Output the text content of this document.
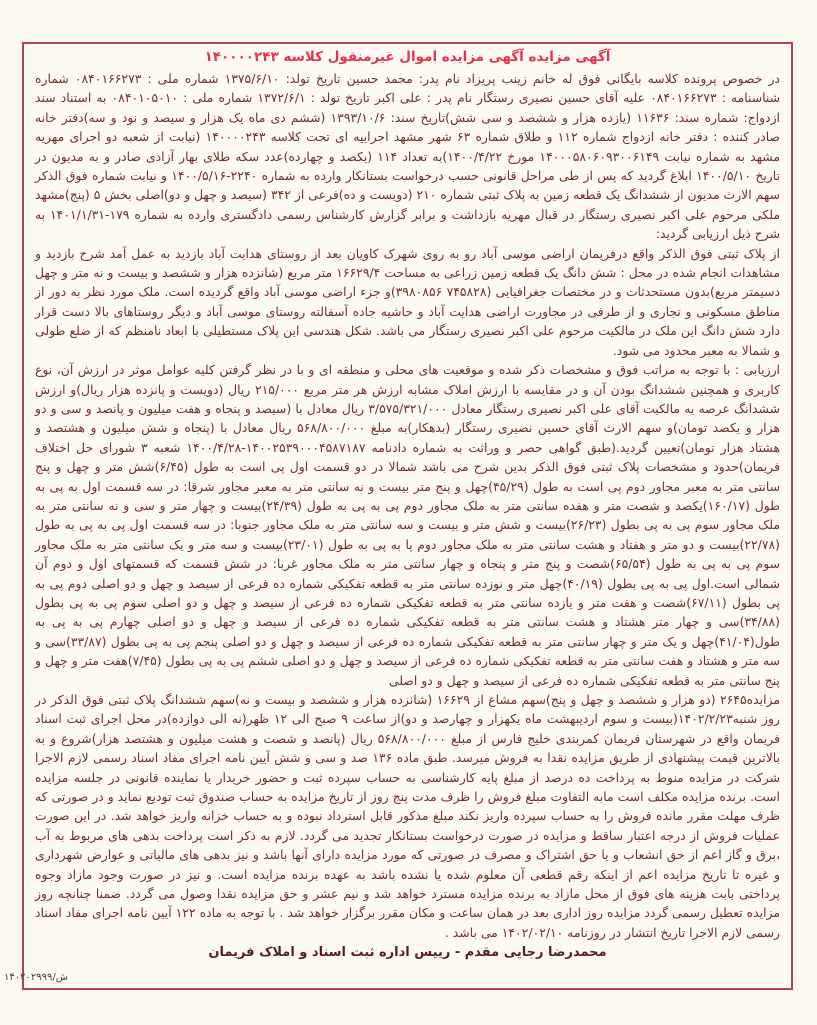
آگهی مزایده آگهی مزایده اموال غیرمنقول کلاسه ۱۴۰۰۰۰۲۴۳

در خصوص پرونده کلاسه بایگانی فوق له خانم زینب پریزاد نام پدر: محمد حسین تاریخ تولد: ۱۳۷۵/۶/۱۰ شماره ملی : ۰۸۴۰۱۶۶۲۷۳ شماره شناسنامه : ۰۸۴۰۱۶۶۲۷۳ علیه آقای حسین نصیری رستگار نام پدر : علی اکبر تاریخ تولد : ۱۳۷۲/۶/۱ شماره ملی : ۰۸۴۰۱۰۵۰۱۰ به استناد سند ازدواج: شماره سند: ۱۱۶۳۶ (یازده هزار و ششصد و سی شش)تاریخ سند: ۱۳۹۳/۱۰/۶ (ششم دی ماه یک هزار و سیصد و نود و سه)دفتر خانه صادر کننده : دفتر خانه ازدواج شماره ۱۱۲ و طلاق شماره ۶۳ شهر مشهد اجراییه ای تحت کلاسه ۱۴۰۰۰۰۲۴۳ (نیابت از شعبه دو اجرای مهریه مشهد به شماره نیابت ۱۴۰۰۰۵۸۰۶۰۹۳۰۰۶۱۴۹ مورخ ۱۴۰۰/۴/۲۲)به تعداد ۱۱۴ (یکصد و چهارده)عدد سکه طلای بهار آزادی صادر و به مدیون در تاریخ ۱۴۰۰/۵/۱۰ ابلاغ گردید که پس از طی مراحل قانونی حسب درخواست بستانکار وارده به شماره ۲۲۴۰-۱۴۰۰/۵/۱۶ و نیابت شماره فوق الذکر سهم الارث مدیون از ششدانگ یک قطعه زمین به پلاک ثبتی شماره ۲۱۰ (دویست و ده)فرعی از ۳۴۲ (سیصد و چهل و دو)اصلی بخش ۵ (پنج)مشهد ملکی مرحوم علی اکبر نصیری رستگار در قبال مهریه بازداشت و برابر گزارش کارشناس رسمی دادگستری وارده به شماره ۱۷۹-۱۴۰۱/۱/۳۱ به شرح ذیل ارزیابی گردید:

از پلاک ثبتی فوق الذکر واقع درفریمان اراضی موسی آباد رو به روی شهرک کاویان بعد از روستای هدایت آباد بازدید به عمل آمد شرح بازدید و مشاهدات انجام شده در محل : شش دانگ یک قطعه زمین زراعی به مساحت ۱۶۶۲۹/۴ متر مربع (شانزده هزار و ششصد و بیست و نه متر و چهل دسیمتر مربع)بدون مستحدثات و در مختصات جغرافیایی (۷۴۵۸۲۸ ۳۹۸۰۸۵۶)و جزء اراضی موسی آباد واقع گردیده است. ملک مورد نظر به دور از مناطق مسکونی و تجاری و از طرفی در مجاورت اراضی هدایت آباد و حاشیه جاده آسفالته روستای موسی آباد و دیگر روستاهای بالا دست قرار دارد شش دانگ این ملک در مالکیت مرحوم علی اکبر نصیری رستگار می باشد. شکل هندسی این پلاک مستطیلی با ابعاد نامنظم که از ضلع طولی و شمالا به معبر محدود می شود.

ارزیابی : با توجه به مراتب فوق و مشخصات ذکر شده و موقعیت های محلی و منطقه ای و با در نظر گرفتن کلیه عوامل موثر در ارزش آن، نوع کاربری و همچنین ششدانگ بودن آن و در مقایسه با ارزش املاک مشابه ارزش هر متر مربع ۲۱۵/۰۰۰ ریال (دویست و پانزده هزار ریال)و ارزش ششدانگ عرصه به مالکیت آقای علی اکبر نصیری رستگار معادل ۳/۵۷۵/۳۲۱/۰۰۰ ریال معادل با (سیصد و پنجاه و هفت میلیون و پانصد و سی و دو هزار و یکصد تومان)و سهم الارث آقای حسین نصیری رستگار (بدهکار)به مبلغ ۵۶۸/۸۰۰/۰۰۰ ریال معادل با (پنجاه و شش میلیون و هشتصد و هشتاد هزار تومان)تعیین گردید.(طبق گواهی حصر و وراثت به شماره دادنامه ۱۴۰۰۲۵۳۹۰۰۰۴۵۸۷۱۸۷-۱۴۰۰/۴/۲۸ شعبه ۳ شورای حل اختلاف فریمان)حدود و مشخصات پلاک ثبتی فوق الذکر بدین شرح می باشد شمالا در دو قسمت اول پی است به طول (۶/۴۵)شش متر و چهل و پنج سانتی متر به معبر مجاور دوم پی است به طول (۴۵/۲۹)چهل و پنج متر بیست و نه سانتی متر به معبر مجاور شرقا: در سه قسمت اول به پی به طول (۱۶۰/۱۷)یکصد و شصت متر و هفده سانتی متر به ملک مجاور دوم پی به پی به طول (۲۴/۳۹)بیست و چهار متر و سی و نه سانتی متر به ملک مجاور سوم پی به پی بطول (۲۶/۲۳)بیست و شش متر و بیست و سه سانتی متر به ملک مجاور جنوبا: در سه قسمت اول پی به پی به طول (۲۲/۷۸)بیست و دو متر و هفتاد و هشت سانتی متر به ملک مجاور دوم پا به پی به طول (۲۳/۰۱)بیست و سه متر و یک سانتی متر به ملک مجاور سوم پی به پی به طول (۶۵/۵۴)شصت و پنج متر و پنجاه و چهار سانتی متر به ملک مجاور غربا: در شش قسمت که قسمتهای اول و دوم آن شمالی است.اول پی به پی بطول (۴۰/۱۹)چهل متر و نوزده سانتی متر به قطعه تفکیکی شماره ده فرعی از سیصد و چهل و دو اصلی دوم پی به پی بطول (۶۷/۱۱)شصت و هفت متر و یازده سانتی متر به قطعه تفکیکی شماره ده فرعی از سیصد و چهل و دو اصلی سوم پی به پی بطول (۳۴/۸۸)سی و چهار متر هشتاد و هشت سانتی متر به قطعه تفکیکی شماره ده فرعی از سیصد و چهل و دو اصلی چهارم پی به پی به طول(۴۱/۰۴)چهل و یک متر و چهار سانتی متر به قطعه تفکیکی شماره ده فرعی از سیصد و چهل و دو اصلی پنجم پی به پی بطول (۳۳/۸۷)سی و سه متر و هشتاد و هفت سانتی متر به قطعه تفکیکی شماره ده فرعی از سیصد و چهل و دو اصلی ششم پی به پی بطول (۷/۴۵)هفت متر و چهل و پنج سانتی متر به قطعه تفکیکی شماره ده فرعی از سیصد و چهل و دو اصلی

مزایده۲۶۴۵ (دو هزار و ششصد و چهل و پنج)سهم مشاع از ۱۶۶۲۹ (شانزده هزار و ششصد و بیست و نه)سهم ششدانگ پلاک ثبتی فوق الذکر در روز شنبه۱۴۰۲/۲/۲۳(بیست و سوم اردیبهشت ماه یکهزار و چهارصد و دو)از ساعت ۹ صبح الی ۱۲ ظهر(نه الی دوازده)در محل اجرای ثبت اسناد فریمان واقع در شهرستان فریمان کمربندی خلیج فارس از مبلغ ۵۶۸/۸۰۰/۰۰۰ ریال (پانصد و شصت و هشت میلیون و هشتصد هزار)شروع و به بالاترین قیمت پیشنهادی از طریق مزایده نقدا به فروش میرسد. طبق ماده ۱۳۶ صد و سی و شش آیین نامه اجرای مفاد اسناد رسمی لازم الاجرا شرکت در مزایده منوط به پرداخت ده درصد از مبلغ پایه کارشناسی به حساب سپرده ثبت و حضور خریدار یا نماینده قانونی در جلسه مزایده است. برنده مزایده مکلف است مابه التفاوت مبلغ فروش را ظرف مدت پنج روز از تاریخ مزایده به حساب صندوق ثبت تودیع نماید و در صورتی که ظرف مهلت مقرر مانده فروش را به حساب سپرده واریز نکند مبلغ مذکور قابل استرداد نبوده و به حساب خزانه واریز خواهد شد. در این صورت عملیات فروش از درجه اعتبار ساقط و مزایده در صورت درخواست بستانکار تجدید می گردد. لازم به ذکر است پرداخت بدهی های مربوط به آب ،برق و گاز اعم از حق انشعاب و یا حق اشتراک و مصرف در صورتی که مورد مزایده دارای آنها باشد و نیز بدهی های مالیاتی و عوارض شهرداری و غیره تا تاریخ مزایده اعم از اینکه رقم قطعی آن معلوم شده یا نشده باشد به عهده برنده مزایده است. و نیز در صورت وجود مازاد وجوه پرداختی بابت هزینه های فوق از محل مازاد به برنده مزایده مسترد خواهد شد و نیم عشر و حق مزایده نقدا وصول می گردد. ضمنا چنانچه روز مزایده تعطیل رسمی گردد مزایده روز اداری بعد در همان ساعت و مکان مقرر برگزار خواهد شد . با توجه به ماده ۱۲۲ آیین نامه اجرای مفاد اسناد رسمی لازم الاجرا تاریخ انتشار در روزنامه ۱۴۰۲/۰۲/۱۰ می باشد .

محمدرضا رجایی مقدم - رییس اداره ثبت اسناد و املاک فریمان
ش/۱۴۰۲۰۲۹۹۹
